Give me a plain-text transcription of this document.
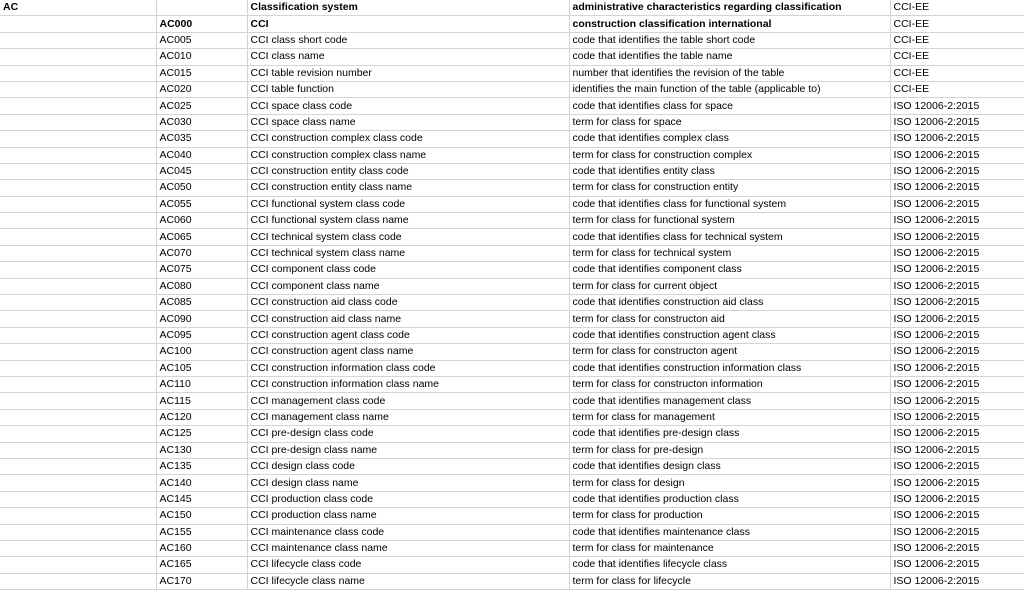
AC		Classification system	administrative characteristics regarding classification	CCI-EE
	AC000	CCI	construction classification international	CCI-EE
	AC005	CCI class short code	code that identifies the table short code	CCI-EE
	AC010	CCI class name	code that identifies the table name	CCI-EE
	AC015	CCI table revision number	number that identifies the revision of the table	CCI-EE
	AC020	CCI table function	identifies the main function of the table (applicable to)	CCI-EE
	AC025	CCI space class code	code that identifies class for space	ISO 12006-2:2015
	AC030	CCI space class name	term for class for space	ISO 12006-2:2015
	AC035	CCI construction complex class code	code that identifies complex class	ISO 12006-2:2015
	AC040	CCI construction complex class name	term for class for construction complex	ISO 12006-2:2015
	AC045	CCI construction entity class code	code that identifies entity class	ISO 12006-2:2015
	AC050	CCI construction entity class name	term for class for construction entity	ISO 12006-2:2015
	AC055	CCI functional system class code	code that identifies class for functional system	ISO 12006-2:2015
	AC060	CCI functional system class name	term for class for functional system	ISO 12006-2:2015
	AC065	CCI technical system class code	code that identifies class for technical system	ISO 12006-2:2015
	AC070	CCI technical system class name	term for class for technical system	ISO 12006-2:2015
	AC075	CCI component class code	code that identifies component class	ISO 12006-2:2015
	AC080	CCI component class name	term for class for current object	ISO 12006-2:2015
	AC085	CCI construction aid class code	code that identifies construction aid class	ISO 12006-2:2015
	AC090	CCI construction aid class name	term for class for constructon aid	ISO 12006-2:2015
	AC095	CCI construction agent class code	code that identifies construction agent class	ISO 12006-2:2015
	AC100	CCI construction agent class name	term for class for constructon agent	ISO 12006-2:2015
	AC105	CCI construction information class code	code that identifies construction information class	ISO 12006-2:2015
	AC110	CCI construction information class name	term for class for constructon information	ISO 12006-2:2015
	AC115	CCI management class code	code that identifies management class	ISO 12006-2:2015
	AC120	CCI management class name	term for class for management	ISO 12006-2:2015
	AC125	CCI pre-design class code	code that identifies pre-design class	ISO 12006-2:2015
	AC130	CCI pre-design class name	term for class for pre-design	ISO 12006-2:2015
	AC135	CCI design class code	code that identifies design class	ISO 12006-2:2015
	AC140	CCI design class name	term for class for design	ISO 12006-2:2015
	AC145	CCI production class code	code that identifies production class	ISO 12006-2:2015
	AC150	CCI production class name	term for class for production	ISO 12006-2:2015
	AC155	CCI maintenance class code	code that identifies maintenance class	ISO 12006-2:2015
	AC160	CCI maintenance class name	term for class for maintenance	ISO 12006-2:2015
	AC165	CCI lifecycle class code	code that identifies lifecycle class	ISO 12006-2:2015
	AC170	CCI lifecycle class name	term for class for lifecycle	ISO 12006-2:2015
